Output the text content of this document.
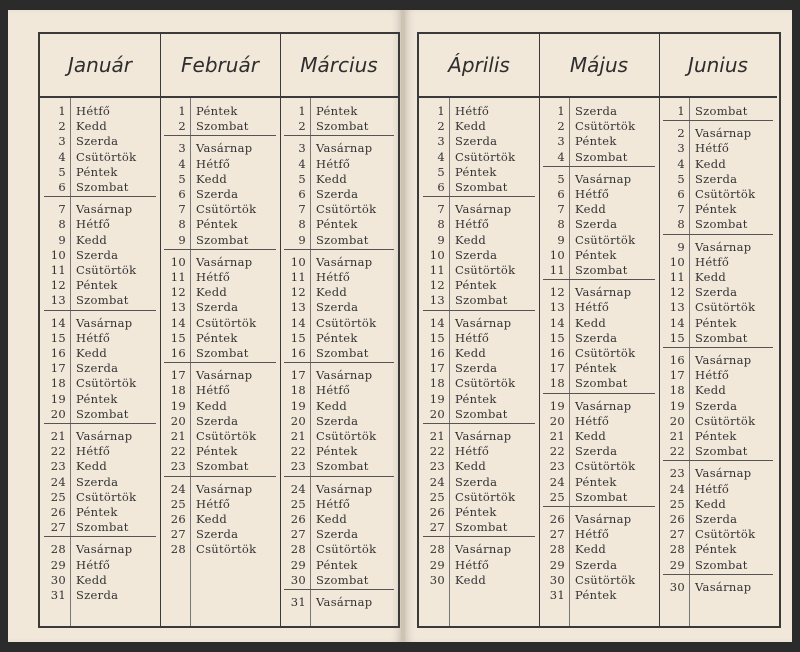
Január
1 Hétfő
2 Kedd
3 Szerda
4 Csütörtök
5 Péntek
6 Szombat
7 Vasárnap
8 Hétfő
9 Kedd
10 Szerda
11 Csütörtök
12 Péntek
13 Szombat
14 Vasárnap
15 Hétfő
16 Kedd
17 Szerda
18 Csütörtök
19 Péntek
20 Szombat
21 Vasárnap
22 Hétfő
23 Kedd
24 Szerda
25 Csütörtök
26 Péntek
27 Szombat
28 Vasárnap
29 Hétfő
30 Kedd
31 Szerda
Február
1 Péntek
2 Szombat
3 Vasárnap
4 Hétfő
5 Kedd
6 Szerda
7 Csütörtök
8 Péntek
9 Szombat
10 Vasárnap
11 Hétfő
12 Kedd
13 Szerda
14 Csütörtök
15 Péntek
16 Szombat
17 Vasárnap
18 Hétfő
19 Kedd
20 Szerda
21 Csütörtök
22 Péntek
23 Szombat
24 Vasárnap
25 Hétfő
26 Kedd
27 Szerda
28 Csütörtök
Március
1 Péntek
2 Szombat
3 Vasárnap
4 Hétfő
5 Kedd
6 Szerda
7 Csütörtök
8 Péntek
9 Szombat
10 Vasárnap
11 Hétfő
12 Kedd
13 Szerda
14 Csütörtök
15 Péntek
16 Szombat
17 Vasárnap
18 Hétfő
19 Kedd
20 Szerda
21 Csütörtök
22 Péntek
23 Szombat
24 Vasárnap
25 Hétfő
26 Kedd
27 Szerda
28 Csütörtök
29 Péntek
30 Szombat
31 Vasárnap
Április
1 Hétfő
2 Kedd
3 Szerda
4 Csütörtök
5 Péntek
6 Szombat
7 Vasárnap
8 Hétfő
9 Kedd
10 Szerda
11 Csütörtök
12 Péntek
13 Szombat
14 Vasárnap
15 Hétfő
16 Kedd
17 Szerda
18 Csütörtök
19 Péntek
20 Szombat
21 Vasárnap
22 Hétfő
23 Kedd
24 Szerda
25 Csütörtök
26 Péntek
27 Szombat
28 Vasárnap
29 Hétfő
30 Kedd
Május
1 Szerda
2 Csütörtök
3 Péntek
4 Szombat
5 Vasárnap
6 Hétfő
7 Kedd
8 Szerda
9 Csütörtök
10 Péntek
11 Szombat
12 Vasárnap
13 Hétfő
14 Kedd
15 Szerda
16 Csütörtök
17 Péntek
18 Szombat
19 Vasárnap
20 Hétfő
21 Kedd
22 Szerda
23 Csütörtök
24 Péntek
25 Szombat
26 Vasárnap
27 Hétfő
28 Kedd
29 Szerda
30 Csütörtök
31 Péntek
Junius
1 Szombat
2 Vasárnap
3 Hétfő
4 Kedd
5 Szerda
6 Csütörtök
7 Péntek
8 Szombat
9 Vasárnap
10 Hétfő
11 Kedd
12 Szerda
13 Csütörtök
14 Péntek
15 Szombat
16 Vasárnap
17 Hétfő
18 Kedd
19 Szerda
20 Csütörtök
21 Péntek
22 Szombat
23 Vasárnap
24 Hétfő
25 Kedd
26 Szerda
27 Csütörtök
28 Péntek
29 Szombat
30 Vasárnap
